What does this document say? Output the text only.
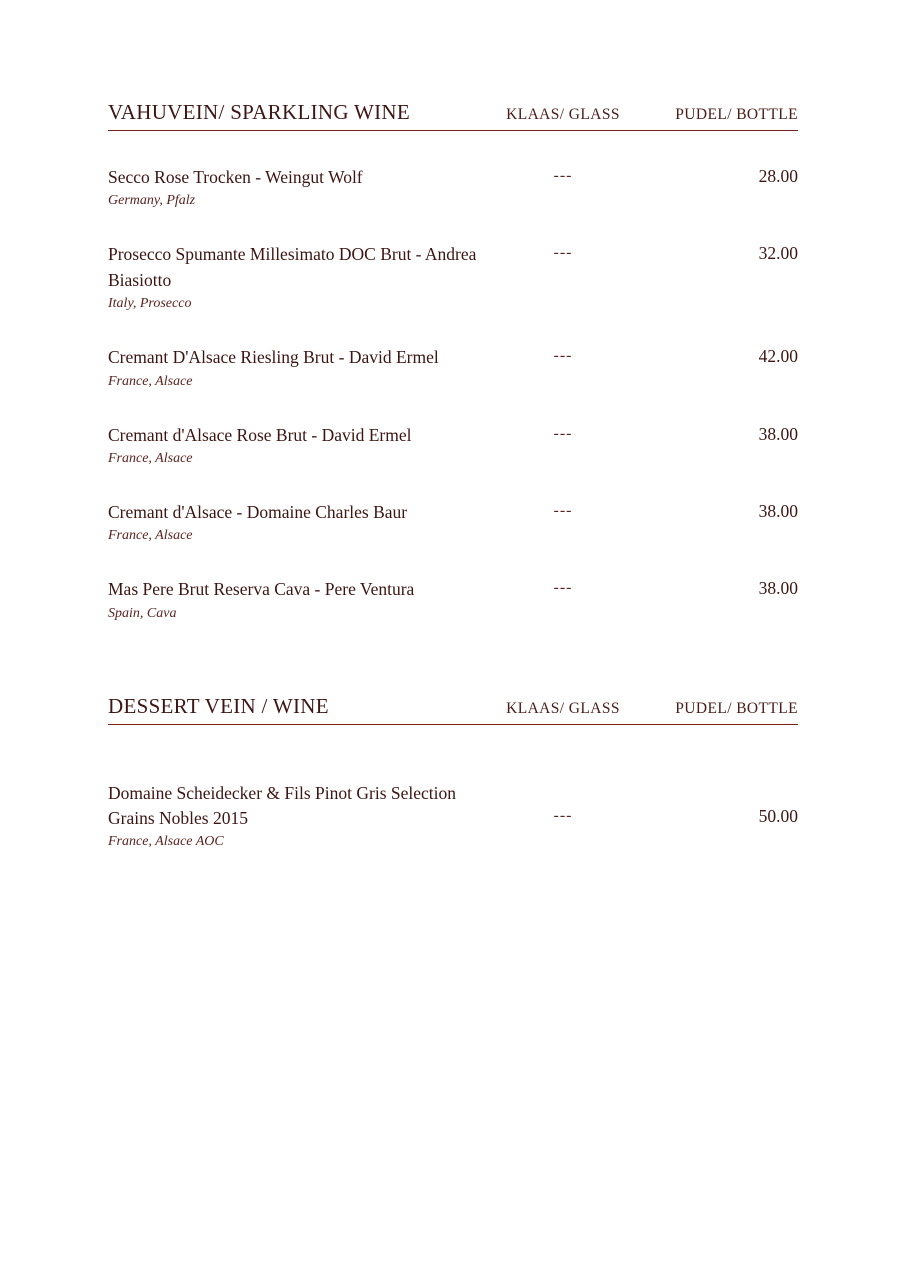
VAHUVEIN/ SPARKLING WINE	KLAAS/ GLASS	PUDEL/ BOTTLE
Secco Rose Trocken - Weingut Wolf
Germany, Pfalz
---	28.00
Prosecco Spumante Millesimato DOC Brut - Andrea Biasiotto
Italy, Prosecco
---	32.00
Cremant D'Alsace Riesling Brut - David Ermel
France, Alsace
---	42.00
Cremant d'Alsace Rose Brut - David Ermel
France, Alsace
---	38.00
Cremant d'Alsace - Domaine Charles Baur
France, Alsace
---	38.00
Mas Pere Brut Reserva Cava - Pere Ventura
Spain, Cava
---	38.00
DESSERT VEIN / WINE	KLAAS/ GLASS	PUDEL/ BOTTLE
Domaine Scheidecker & Fils Pinot Gris Selection Grains Nobles 2015
France, Alsace AOC
---	50.00
